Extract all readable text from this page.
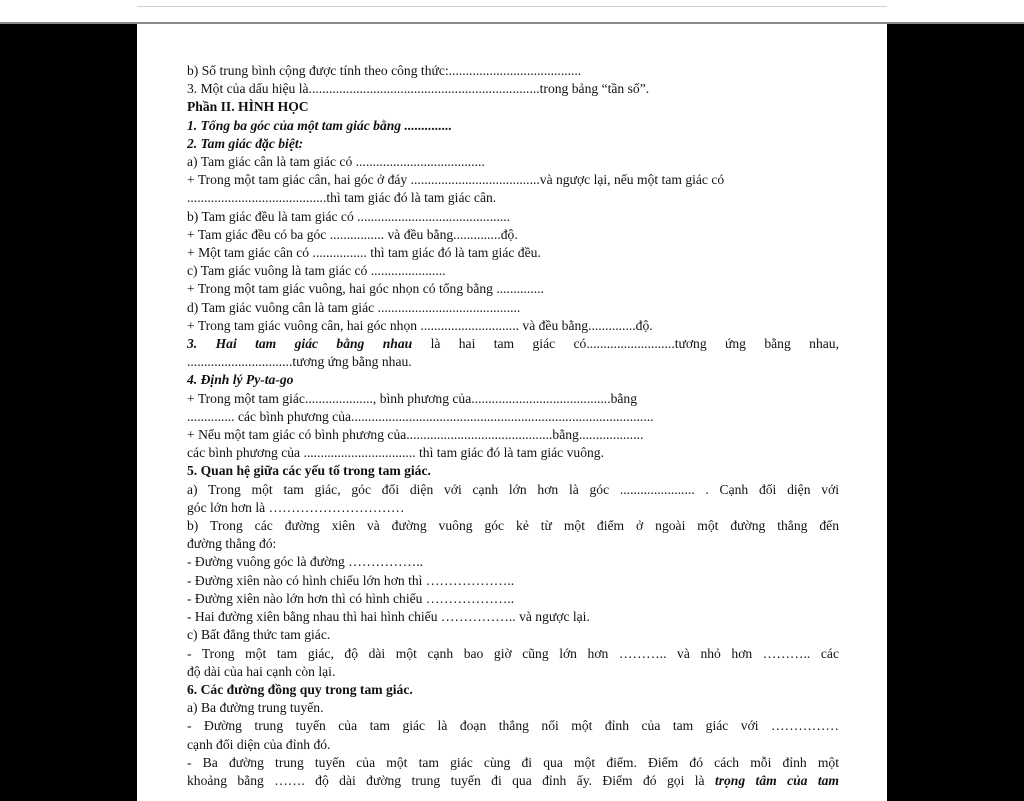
b) Số trung bình cộng được tính theo công thức:.......................................
3. Một của dấu hiệu là....................................................................trong bảng “tần số”.
Phần II. HÌNH HỌC
1. Tổng ba góc của một tam giác bằng ..............
2. Tam giác đặc biệt:
a) Tam giác cân là tam giác có ......................................
+ Trong một tam giác cân, hai góc ở đáy ......................................và ngược lại, nếu một tam giác có
.........................................thì tam giác đó là tam giác cân.
b) Tam giác đều là tam giác có .............................................
+ Tam giác đều có ba góc ................ và đều bằng..............độ.
+ Một tam giác cân có ................ thì tam giác đó là tam giác đều.
c) Tam giác vuông là tam giác có ......................
+ Trong một tam giác vuông, hai góc nhọn có tổng bằng ..............
d) Tam giác vuông cân là tam giác ..........................................
+ Trong tam giác vuông cân, hai góc nhọn ............................. và đều bằng..............độ.
3. Hai tam giác bằng nhau là hai tam giác có..........................tương ứng bằng nhau,
...............................tương ứng bằng nhau.
4. Định lý Py-ta-go
+ Trong một tam giác...................., bình phương của.........................................bằng
.............. các bình phương của.........................................................................................
+ Nếu một tam giác có bình phương của...........................................bằng...................
các bình phương của ................................. thì tam giác đó là tam giác vuông.
5. Quan hệ giữa các yếu tố trong tam giác.
a) Trong một tam giác, góc đối diện với cạnh lớn hơn là góc ...................... . Cạnh đối diện với
góc lớn hơn là …………………………
b) Trong các đường xiên và đường vuông góc kẻ từ một điểm ở ngoài một đường thẳng đến
đường thẳng đó:
- Đường vuông góc là đường ……………..
- Đường xiên nào có hình chiếu lớn hơn thì ………………..
- Đường xiên nào lớn hơn thì có hình chiếu ………………..
- Hai đường xiên bằng nhau thì hai hình chiếu …………….. và ngược lại.
c) Bất đẳng thức tam giác.
- Trong một tam giác, độ dài một cạnh bao giờ cũng lớn hơn ……….. và nhỏ hơn ……….. các
độ dài của hai cạnh còn lại.
6. Các đường đồng quy trong tam giác.
a) Ba đường trung tuyến.
- Đường trung tuyến của tam giác là đoạn thẳng nối một đỉnh của tam giác với ……………
cạnh đối diện của đỉnh đó.
- Ba đường trung tuyến của một tam giác cùng đi qua một điểm. Điểm đó cách mỗi đỉnh một
khoảng bằng ……. độ dài đường trung tuyến đi qua đỉnh ấy. Điểm đó gọi là trọng tâm của tam
